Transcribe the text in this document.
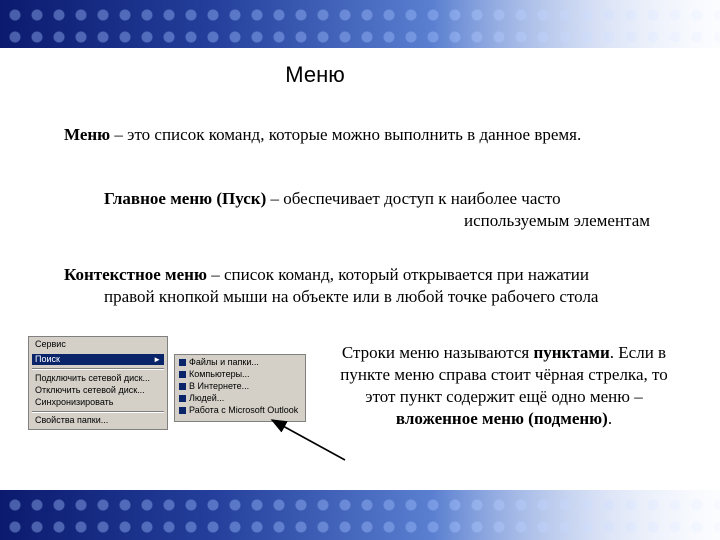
Меню
Меню – это список команд, которые можно выполнить в данное время.
Главное меню (Пуск) – обеспечивает доступ к наиболее часто
используемым элементам
Контекстное меню – список команд, который открывается при нажатии
правой кнопкой мыши на объекте или в любой точке рабочего стола
Сервис
Поиск	►
Подключить сетевой диск...
Отключить сетевой диск...
Синхронизировать
Свойства папки...
Файлы и папки...
Компьютеры...
В Интернете...
Людей...
Работа с Microsoft Outlook
Строки меню называются пунктами. Если в пункте меню справа стоит чёрная стрелка, то этот пункт содержит ещё одно меню – вложенное меню (подменю).
